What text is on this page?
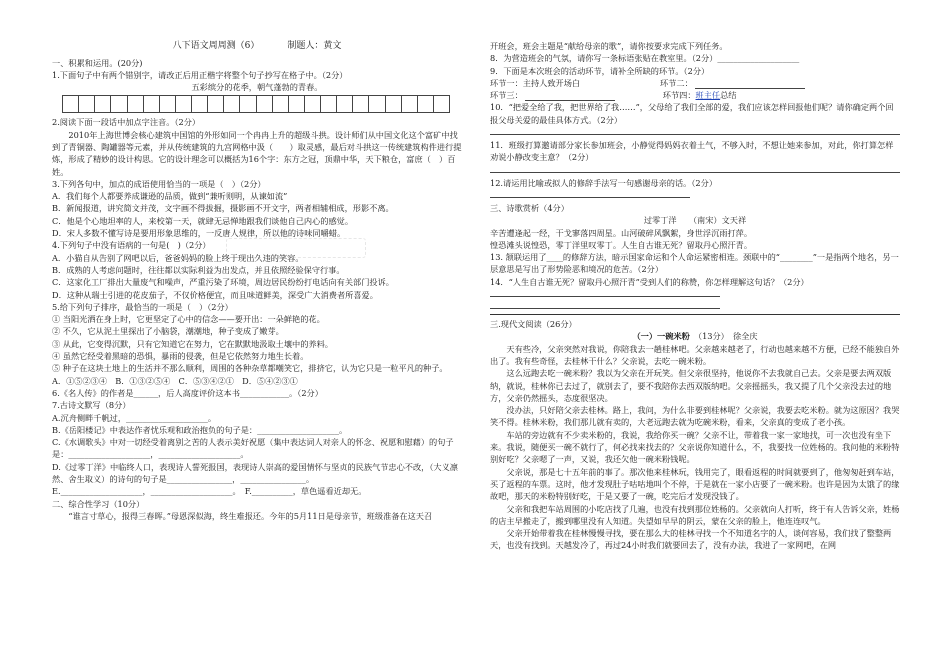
八下语文周周测（6）	制题人：黄文

一、积累和运用。(20分)

1.下面句子中有两个错别字，请改正后用正楷字将整个句子抄写在格子中。（2分）

五彩缤分的花季，朝气蓬勃的青春。

2.阅读下面一段话中加点字注音。（2分）

2010年上海世博会核心建筑中国馆的外形如同一个冉冉上升的超级斗拱。设计师们从中国文化这个富矿中找到了青铜器、陶罐器等元素，并从传统建筑的九宫网格中汲（　　）取灵感，最后对斗拱这一传统建筑构件进行提炼，形成了精妙的设计构思。它的设计理念可以概括为16个字：东方之冠，顶鼎中华，天下粮仓，富庶（　）百姓。

3.下列各句中，加点的成语使用恰当的一项是（　）（2分）

A．我们每个人都要养成谦逊的品质，做到“兼听则明，从谏如流”

B．新闻报道，讲究简文并茂，文字画不得拔掘，摄影画不开文字，两者相辅相成，形影不离。

C．他是个心地坦率的人，来校第一天，就肆无忌惮地跟我们谈他自己内心的感觉。

D．宋人多数不懂写诗是要用形象思维的，一反唐人规律，所以他的诗味同嚼蜡。

4.下列句子中没有语病的一句是(　)（2分）

A．小猫自从告别了网吧以后，爸爸妈妈的脸上终于现出久违的笑容。

B．成熟的人考虑问题时，往往都以实际利益为出发点，并且依照经验保守行事。

C．这家化工厂排出大量废气和噪声，严重污染了环境，周边居民纷纷打电话向有关部门投诉。

D．这种从瑞士引进的花皮茄子，不仅价格便宜，而且味道鲜美，深受广大消费者所喜爱。

5.给下列句子排序，最恰当的一项是（　）（2分）

① 当阳光洒在身上时，它更坚定了心中的信念——要开出：一朵鲜艳的花。

② 不久，它从泥土里探出了小脑袋，潮潮地，种子变成了嫩芽。

③ 从此，它变得沉默，只有它知道它在努力，它在默默地汲取土壤中的养料。

④ 虽然它经受着黑暗的恐惧，暴雨的侵袭，但是它依然努力地生长着。

⑤ 种子在这块土地上的生活并不那么顺利，周围的各种杂草都嘲笑它，排挤它，认为它只是一粒平凡的种子。

A．①⑤②③④　B．①③②⑤④　C．⑤③④②①　D．⑤④②③①

6.《名人传》的作者是______，后人高度评价这本书____________。（2分）

7.古诗文默写（8分）

A.沉舟侧畔千帆过，____________________。

B.《岳阳楼记》中表达作者忧乐观和政治抱负的句子是：____________________。

C.《水调歌头》中对一切经受着离别之苦的人表示美好祝愿（集中表达词人对亲人的怀念、祝愿和慰藉）的句子是：____________________，____________________。

D.《过零丁洋》中临终人口，表现诗人誓死报国，表现诗人崇高的爱国情怀与坚贞的民族气节忠心不改，（大义凛然、舍生取义）的诗句的句子是________________，________________。

E.____________________，____________________。　F.__________，草色遥看近却无。

二、综合性学习（10分）

“谁言寸草心，报得三春晖。”母恩深似海，终生难报还。今年的5月11日是母亲节，班级准备在这天召

开班会，班会主题是“献给母亲的歌”，请你按要求完成下列任务。

8．为营造班会的气氛，请你写一条标语张贴在教室里。（2分）____________________

9．下面是本次班会的活动环节，请补全所缺的环节。（2分）

环节一：主持人致开场白	环节二：
环节三：	环节四： 班主任 总结

10．“把爱全给了我，把世界给了我……”，父母给了我们全部的爱，我们应该怎样回报他们呢？请你确定两个回报父母关爱的最佳具体方式。（2分）

11．班级打算邀请部分家长参加班会，小静觉得妈妈衣着土气，不够入时，不想让她来参加，对此，你打算怎样劝说小静改变主意？（2分）

12.请运用比喻或拟人的修辞手法写一句感谢母亲的话。（2分）

三、诗歌赏析（4分）

过零丁洋　　（南宋）文天祥

辛苦遭逢起一经，干戈寥落四周星。山河破碎风飘絮，身世浮沉雨打萍。

惶恐滩头说惶恐，零丁洋里叹零丁。人生自古谁无死？留取丹心照汗青。

13. 颔联运用了____的修辞方法，暗示国家命运和个人命运紧密相连。颈联中的“________”一是指两个地名，另一层意思是写出了形势险恶和境况的危苦。（2分）

14．“人生自古谁无死？留取丹心照汗青”受到人们的称赞，你怎样理解这句话？（2分）

三.现代文阅读（26分）

（一）一碗米粉　 （13分）　 徐全庆

天有些冷，父亲突然对我说，你陪我去一趟桂林吧。父亲越来越老了，行动也越来越不方便，已经不能独自外出了。我有些奇怪，去桂林干什么？父亲说，去吃一碗米粉。

这么远跑去吃一碗米粉？我以为父亲在开玩笑。但父亲很坚持，他说你不去我就自己去。父亲是要去两双版纳，就说，桂林你已去过了，就别去了，要不我陪你去西双版纳吧。父亲摇摇头，我又提了几个父亲没去过的地方，父亲仍然摇头，态度很坚决。

没办法，只好陪父亲去桂林。路上，我问，为什么非要到桂林呢？父亲说，我要去吃米粉。就为这原因？我哭笑不得。桂林米粉，我们那儿就有卖的，大老远跑去就为吃碗米粉，看来，父亲真的变成了老小孩。

车站的旁边就有不少卖米粉的，我说，我给你买一碗？父亲不让，带着我一家一家地找，可一次也没有坐下来。我说，随便买一碗不就行了，何必找来找去的？父亲说你知道什么，不，我要找一位姓杨的。我问他的米粉特别好吃？父亲嗯了一声，又说，我还欠他一碗米粉钱呢。

父亲说，那是七十五年前的事了。那次他来桂林玩，钱用完了，眼看返程的时间就要到了，他匆匆赶到车站，买了返程的车票。这时，他才发现肚子咕咕地叫个不停，于是就在一家小店要了一碗米粉。也许是因为太饿了的缘故吧，那天的米粉特别好吃，于是又要了一碗，吃完后才发现没钱了。

父亲和我把车站周围的小吃店找了几遍，也没有找到那位姓杨的。父亲就向人打听，终于有人告诉父亲，姓杨的店主早搬走了，搬到哪里没有人知道。失望如早早的阴云，蒙在父亲的脸上，他连连叹气。

父亲开始带着我在桂林慢慢寻找，要在那么大的桂林寻找一个不知道名字的人，谈何容易，我们找了整整两天，也没有找到。天越发冷了，再过24小时我们就要回去了，没有办法，我进了一家网吧，在网
